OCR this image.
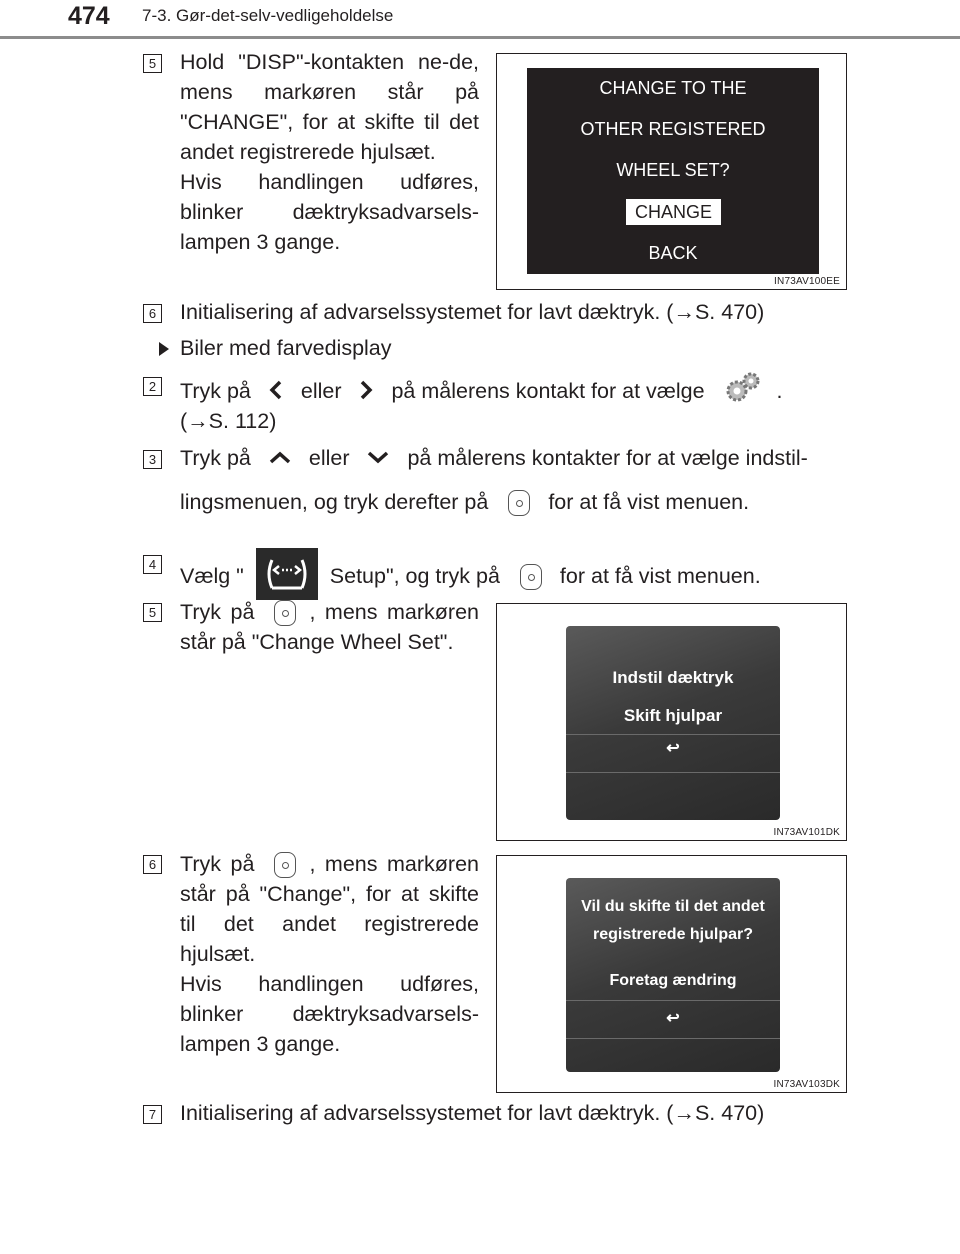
474 7-3. Gør-det-selv-vedligeholdelse
5 Hold "DISP"-kontakten ne-de, mens markøren står på "CHANGE", for at skifte til det andet registrerede hjulsæt.
Hvis handlingen udføres, blinker dæktryksadvarsels-lampen 3 gange.
CHANGE TO THE
OTHER REGISTERED
WHEEL SET?
CHANGE
BACK
IN73AV100EE
6 Initialisering af advarselssystemet for lavt dæktryk. (→S. 470)
Biler med farvedisplay
2 Tryk på eller på målerens kontakt for at vælge	.
(→S. 112)
3 Tryk på	eller	på målerens kontakter for at vælge indstil-
lingsmenuen, og tryk derefter på	for at få vist menuen.
4 Vælg "	Setup", og tryk på	for at få vist menuen.
5 Tryk på	, mens markøren står på "Change Wheel Set".
Indstil dæktryk
Skift hjulpar
↩
IN73AV101DK
6 Tryk på	, mens markøren står på "Change", for at skifte til det andet registrerede hjulsæt.
Hvis handlingen udføres, blinker dæktryksadvarsels-lampen 3 gange.
Vil du skifte til det andet
registrerede hjulpar?
Foretag ændring
↩
IN73AV103DK
7 Initialisering af advarselssystemet for lavt dæktryk. (→S. 470)
